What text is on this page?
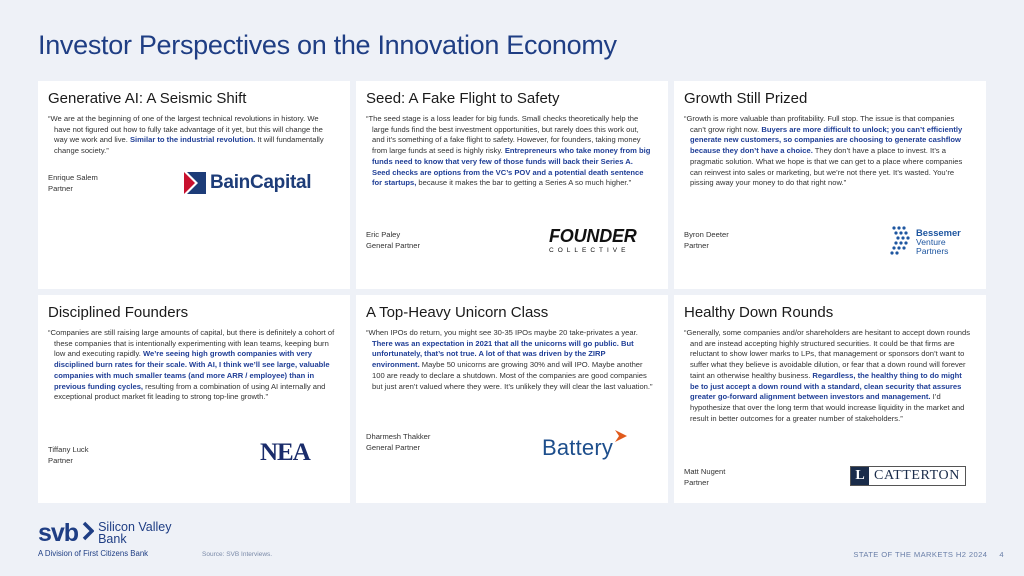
Investor Perspectives on the Innovation Economy
Generative AI: A Seismic Shift

“We are at the beginning of one of the largest technical revolutions in history. We have not figured out how to fully take advantage of it yet, but this will change the way we work and live. Similar to the industrial revolution. It will fundamentally change society.”

Enrique Salem
Partner	BainCapital
Seed: A Fake Flight to Safety

“The seed stage is a loss leader for big funds. Small checks theoretically help the large funds find the best investment opportunities, but rarely does this work out, and it’s something of a fake flight to safety. However, for founders, taking money from large funds at seed is highly risky. Entrepreneurs who take money from big funds need to know that very few of those funds will back their Series A. Seed checks are options from the VC’s POV and a potential death sentence for startups, because it makes the bar to getting a Series A so much higher.”

Eric Paley
General Partner	FOUNDER
COLLECTIVE
Growth Still Prized

“Growth is more valuable than profitability. Full stop. The issue is that companies can’t grow right now. Buyers are more difficult to unlock; you can’t efficiently generate new customers, so companies are choosing to generate cashflow because they don’t have a choice. They don’t have a place to invest. It’s a pragmatic solution. What we hope is that we can get to a place where companies can reinvest into sales or marketing, but we’re not there yet. It’s wasted. You’re pissing away your money to do that right now.”

Byron Deeter
Partner
Bessemer
Venture
Partners
Disciplined Founders

“Companies are still raising large amounts of capital, but there is definitely a cohort of these companies that is intentionally experimenting with lean teams, keeping burn low and executing rapidly. We’re seeing high growth companies with very disciplined burn rates for their scale. With AI, I think we’ll see large, valuable companies with much smaller teams (and more ARR / employee) than in previous funding cycles, resulting from a combination of using AI internally and exceptional product market fit leading to strong top-line growth.”

Tiffany Luck
Partner	NEA
A Top-Heavy Unicorn Class

“When IPOs do return, you might see 30-35 IPOs maybe 20 take-privates a year. There was an expectation in 2021 that all the unicorns will go public. But unfortunately, that’s not true. A lot of that was driven by the ZIRP environment. Maybe 50 unicorns are growing 30% and will IPO. Maybe another 100 are ready to declare a shutdown. Most of the companies are good companies but just aren’t valued where they were. It’s unlikely they will clear the last valuation.”

Dharmesh Thakker
General Partner	Battery
Healthy Down Rounds

“Generally, some companies and/or shareholders are hesitant to accept down rounds and are instead accepting highly structured securities. It could be that firms are reluctant to show lower marks to LPs, that management or sponsors don’t want to suffer what they believe is avoidable dilution, or fear that a down round will forever taint an otherwise healthy business. Regardless, the healthy thing to do might be to just accept a down round with a standard, clean security that assures greater go-forward alignment between investors and management. I’d hypothesize that over the long term that would increase liquidity in the market and result in better outcomes for a greater number of stakeholders.”

Matt Nugent
Partner	L CATTERTON
svb Silicon Valley
Bank
A Division of First Citizens Bank	Source: SVB Interviews.	STATE OF THE MARKETS H2 2024 4
